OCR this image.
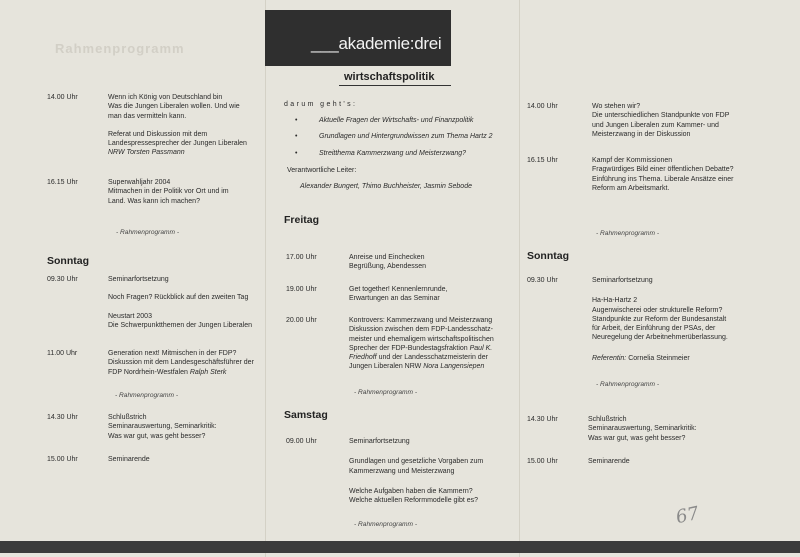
Rahmenprogramm	___akademie:drei
wirtschaftspolitik
14.00 Uhr	Wenn ich König von Deutschland bin
Was die Jungen Liberalen wollen. Und wie
man das vermitteln kann.

Referat und Diskussion mit dem
Landespressesprecher der Jungen Liberalen
NRW Torsten Passmann

16.15 Uhr	Superwahljahr 2004
Mitmachen in der Politik vor Ort und im
Land. Was kann ich machen?

- Rahmenprogramm -
Sonntag
09.30 Uhr	Seminarfortsetzung

Noch Fragen? Rückblick auf den zweiten Tag

Neustart 2003
Die Schwerpunktthemen der Jungen Liberalen

11.00 Uhr	Generation next! Mitmischen in der FDP?
Diskussion mit dem Landesgeschäftsführer der
FDP Nordrhein-Westfalen Ralph Sterk

- Rahmenprogramm -
14.30 Uhr	Schlußstrich
Seminarauswertung, Seminarkritik:
Was war gut, was geht besser?

15.00 Uhr	Seminarende

darum geht's:
•	Aktuelle Fragen der Wirtschafts- und Finanzpolitik
•	Grundlagen und Hintergrundwissen zum Thema Hartz 2
•	Streitthema Kammerzwang und Meisterzwang?
Verantwortliche Leiter:
Alexander Bungert, Thimo Buchheister, Jasmin Sebode
Freitag
17.00 Uhr	Anreise und Einchecken
Begrüßung, Abendessen

19.00 Uhr	Get together! Kennenlernrunde,
Erwartungen an das Seminar

20.00 Uhr	Kontrovers: Kammerzwang und Meisterzwang
Diskussion zwischen dem FDP-Landesschatz-
meister und ehemaligem wirtschaftspolitischen
Sprecher der FDP-Bundestagsfraktion Paul K.
Friedhoff und der Landesschatzmeisterin der
Jungen Liberalen NRW Nora Langensiepen

- Rahmenprogramm -
Samstag
09.00 Uhr	Seminarfortsetzung

Grundlagen und gesetzliche Vorgaben zum
Kammerzwang und Meisterzwang

Welche Aufgaben haben die Kammern?
Welche aktuellen Reformmodelle gibt es?

- Rahmenprogramm -
14.00 Uhr	Wo stehen wir?
Die unterschiedlichen Standpunkte von FDP
und Jungen Liberalen zum Kammer- und
Meisterzwang in der Diskussion

16.15 Uhr	Kampf der Kommissionen
Fragwürdiges Bild einer öffentlichen Debatte?
Einführung ins Thema. Liberale Ansätze einer
Reform am Arbeitsmarkt.

- Rahmenprogramm -
Sonntag
09.30 Uhr	Seminarfortsetzung

Ha-Ha-Hartz 2
Augenwischerei oder strukturelle Reform?
Standpunkte zur Reform der Bundesanstalt
für Arbeit, der Einführung der PSAs, der
Neuregelung der Arbeitnehmerüberlassung.

Referentin: Cornelia Steinmeier

- Rahmenprogramm -
14.30 Uhr	Schlußstrich
Seminarauswertung, Seminarkritik:
Was war gut, was geht besser?

15.00 Uhr	Seminarende

67
